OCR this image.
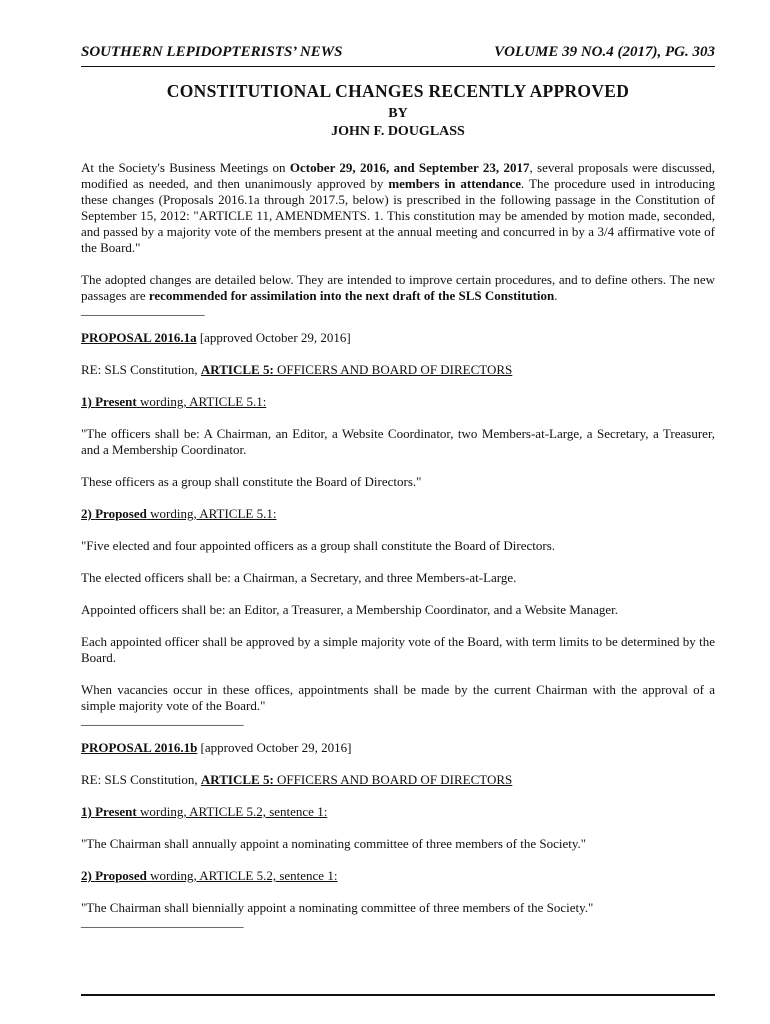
SOUTHERN LEPIDOPTERISTS’ NEWS	VOLUME 39 NO.4 (2017), PG. 303
CONSTITUTIONAL CHANGES RECENTLY APPROVED
BY
JOHN F. DOUGLASS

At the Society's Business Meetings on October 29, 2016, and September 23, 2017, several proposals were discussed, modified as needed, and then unanimously approved by members in attendance. The procedure used in introducing these changes (Proposals 2016.1a through 2017.5, below) is prescribed in the following passage in the Constitution of September 15, 2012: "ARTICLE 11, AMENDMENTS. 1. This constitution may be amended by motion made, seconded, and passed by a majority vote of the members present at the annual meeting and concurred in by a 3/4 affirmative vote of the Board."

The adopted changes are detailed below. They are intended to improve certain procedures, and to define others. The new passages are recommended for assimilation into the next draft of the SLS Constitution.

___________________

PROPOSAL 2016.1a [approved October 29, 2016]

RE: SLS Constitution, ARTICLE 5: OFFICERS AND BOARD OF DIRECTORS

1) Present wording, ARTICLE 5.1:

"The officers shall be: A Chairman, an Editor, a Website Coordinator, two Members-at-Large, a Secretary, a Treasurer, and a Membership Coordinator.

These officers as a group shall constitute the Board of Directors."

2) Proposed wording, ARTICLE 5.1:

"Five elected and four appointed officers as a group shall constitute the Board of Directors.

The elected officers shall be: a Chairman, a Secretary, and three Members-at-Large.

Appointed officers shall be: an Editor, a Treasurer, a Membership Coordinator, and a Website Manager.

Each appointed officer shall be approved by a simple majority vote of the Board, with term limits to be determined by the Board.

When vacancies occur in these offices, appointments shall be made by the current Chairman with the approval of a simple majority vote of the Board."

_________________________

PROPOSAL 2016.1b [approved October 29, 2016]

RE: SLS Constitution, ARTICLE 5: OFFICERS AND BOARD OF DIRECTORS

1) Present wording, ARTICLE 5.2, sentence 1:

"The Chairman shall annually appoint a nominating committee of three members of the Society."

2) Proposed wording, ARTICLE 5.2, sentence 1:

"The Chairman shall biennially appoint a nominating committee of three members of the Society."

_________________________
